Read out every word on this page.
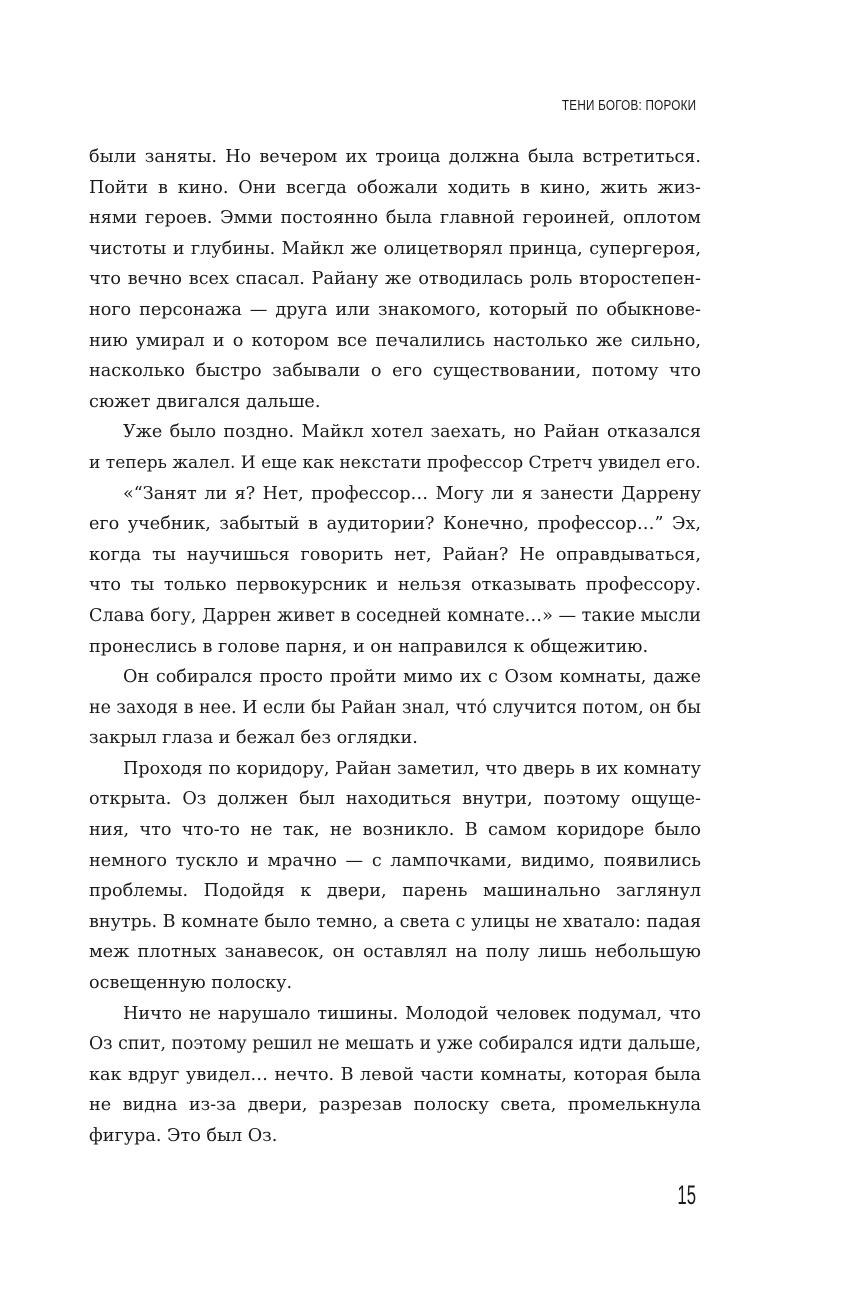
ТЕНИ БОГОВ: ПОРОКИ
были заняты. Но вечером их троица должна была встретиться.
Пойти в кино. Они всегда обожали ходить в кино, жить жиз-
нями героев. Эмми постоянно была главной героиней, оплотом
чистоты и глубины. Майкл же олицетворял принца, супергероя,
что вечно всех спасал. Райану же отводилась роль второстепен-
ного персонажа — друга или знакомого, который по обыкнове-
нию умирал и о котором все печалились настолько же сильно,
насколько быстро забывали о его существовании, потому что
сюжет двигался дальше.
Уже было поздно. Майкл хотел заехать, но Райан отказался
и теперь жалел. И еще как некстати профессор Стретч увидел его.
«“Занят ли я? Нет, профессор… Могу ли я занести Даррену
его учебник, забытый в аудитории? Конечно, профессор…” Эх,
когда ты научишься говорить нет, Райан? Не оправдываться,
что ты только первокурсник и нельзя отказывать профессору.
Слава богу, Даррен живет в соседней комнате…» — такие мысли
пронеслись в голове парня, и он направился к общежитию.
Он собирался просто пройти мимо их с Озом комнаты, даже
не заходя в нее. И если бы Райан знал, что́ случится потом, он бы
закрыл глаза и бежал без оглядки.
Проходя по коридору, Райан заметил, что дверь в их комнату
открыта. Оз должен был находиться внутри, поэтому ощуще-
ния, что что-то не так, не возникло. В самом коридоре было
немного тускло и мрачно — с лампочками, видимо, появились
проблемы. Подойдя к двери, парень машинально заглянул
внутрь. В комнате было темно, а света с улицы не хватало: падая
меж плотных занавесок, он оставлял на полу лишь небольшую
освещенную полоску.
Ничто не нарушало тишины. Молодой человек подумал, что
Оз спит, поэтому решил не мешать и уже собирался идти дальше,
как вдруг увидел… нечто. В левой части комнаты, которая была
не видна из-за двери, разрезав полоску света, промелькнула
фигура. Это был Оз.
15
